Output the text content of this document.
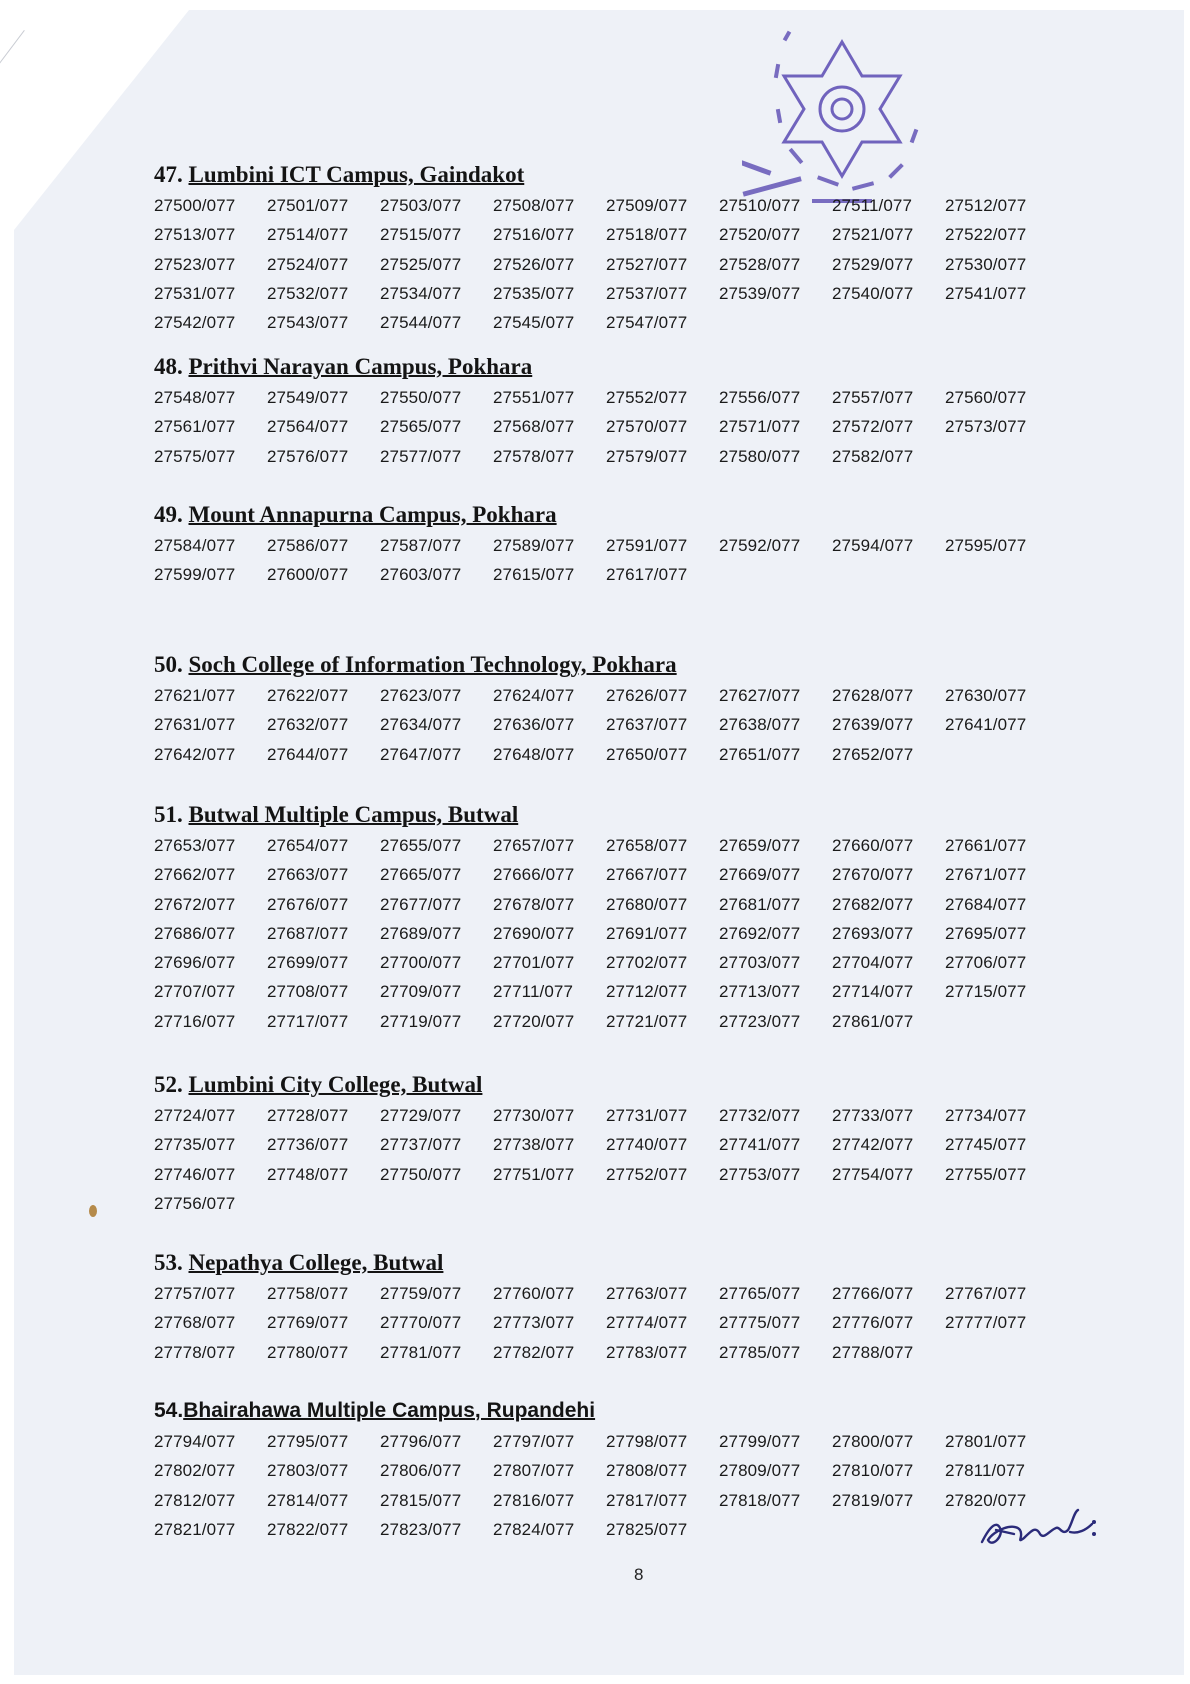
47. Lumbini ICT Campus, Gaindakot
27500/077	27501/077	27503/077	27508/077	27509/077	27510/077	27511/077	27512/077
27513/077	27514/077	27515/077	27516/077	27518/077	27520/077	27521/077	27522/077
27523/077	27524/077	27525/077	27526/077	27527/077	27528/077	27529/077	27530/077
27531/077	27532/077	27534/077	27535/077	27537/077	27539/077	27540/077	27541/077
27542/077	27543/077	27544/077	27545/077	27547/077
48. Prithvi Narayan Campus, Pokhara
27548/077	27549/077	27550/077	27551/077	27552/077	27556/077	27557/077	27560/077
27561/077	27564/077	27565/077	27568/077	27570/077	27571/077	27572/077	27573/077
27575/077	27576/077	27577/077	27578/077	27579/077	27580/077	27582/077
49. Mount Annapurna Campus, Pokhara
27584/077	27586/077	27587/077	27589/077	27591/077	27592/077	27594/077	27595/077
27599/077	27600/077	27603/077	27615/077	27617/077
50. Soch College of Information Technology, Pokhara
27621/077	27622/077	27623/077	27624/077	27626/077	27627/077	27628/077	27630/077
27631/077	27632/077	27634/077	27636/077	27637/077	27638/077	27639/077	27641/077
27642/077	27644/077	27647/077	27648/077	27650/077	27651/077	27652/077
51. Butwal Multiple Campus, Butwal
27653/077	27654/077	27655/077	27657/077	27658/077	27659/077	27660/077	27661/077
27662/077	27663/077	27665/077	27666/077	27667/077	27669/077	27670/077	27671/077
27672/077	27676/077	27677/077	27678/077	27680/077	27681/077	27682/077	27684/077
27686/077	27687/077	27689/077	27690/077	27691/077	27692/077	27693/077	27695/077
27696/077	27699/077	27700/077	27701/077	27702/077	27703/077	27704/077	27706/077
27707/077	27708/077	27709/077	27711/077	27712/077	27713/077	27714/077	27715/077
27716/077	27717/077	27719/077	27720/077	27721/077	27723/077	27861/077
52. Lumbini City College, Butwal
27724/077	27728/077	27729/077	27730/077	27731/077	27732/077	27733/077	27734/077
27735/077	27736/077	27737/077	27738/077	27740/077	27741/077	27742/077	27745/077
27746/077	27748/077	27750/077	27751/077	27752/077	27753/077	27754/077	27755/077
27756/077
53. Nepathya College, Butwal
27757/077	27758/077	27759/077	27760/077	27763/077	27765/077	27766/077	27767/077
27768/077	27769/077	27770/077	27773/077	27774/077	27775/077	27776/077	27777/077
27778/077	27780/077	27781/077	27782/077	27783/077	27785/077	27788/077
54.Bhairahawa Multiple Campus, Rupandehi
27794/077	27795/077	27796/077	27797/077	27798/077	27799/077	27800/077	27801/077
27802/077	27803/077	27806/077	27807/077	27808/077	27809/077	27810/077	27811/077
27812/077	27814/077	27815/077	27816/077	27817/077	27818/077	27819/077	27820/077
27821/077	27822/077	27823/077	27824/077	27825/077
8
